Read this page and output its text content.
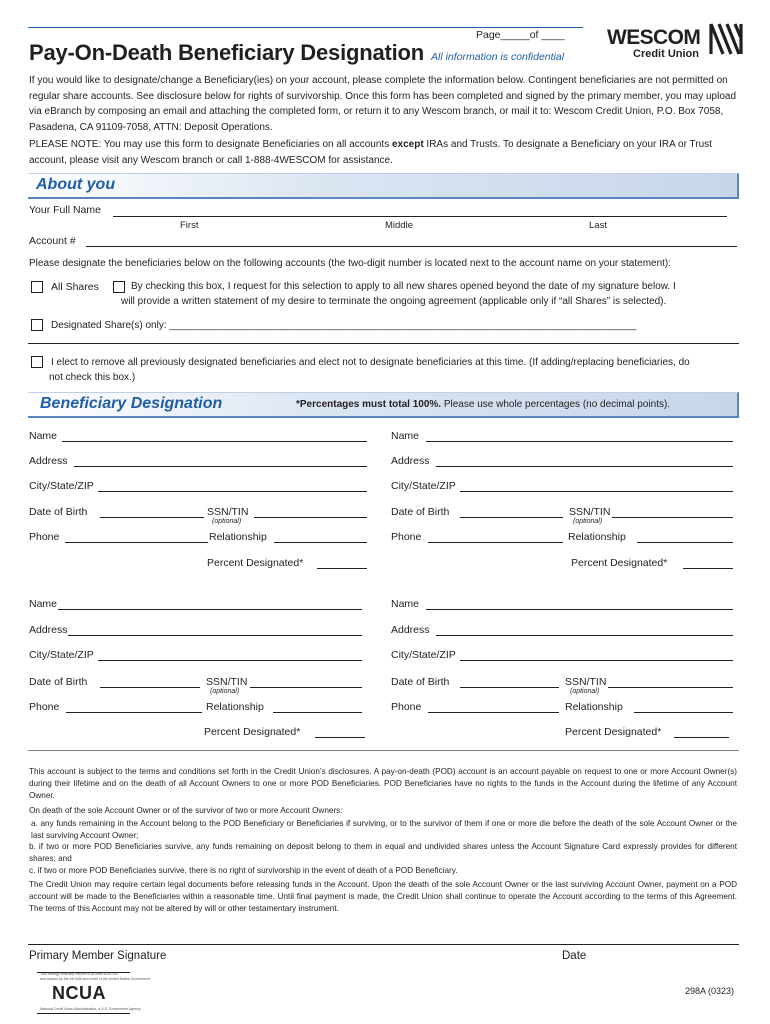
Page_____of ____
Pay-On-Death Beneficiary Designation All information is confidential
WESCOM
Credit Union
If you would like to designate/change a Beneficiary(ies) on your account, please complete the information below. Contingent beneficiaries are not permitted on regular share accounts. See disclosure below for rights of survivorship. Once this form has been completed and signed by the primary member, you may upload via eBranch by composing an email and attaching the completed form, or return it to any Wescom branch, or mail it to: Wescom Credit Union, P.O. Box 7058, Pasadena, CA 91109-7058, ATTN: Deposit Operations.
PLEASE NOTE: You may use this form to designate Beneficiaries on all accounts except IRAs and Trusts. To designate a Beneficiary on your IRA or Trust account, please visit any Wescom branch or call 1-888-4WESCOM for assistance.
About you
Your Full Name
First	Middle	Last
Account #
Please designate the beneficiaries below on the following accounts (the two-digit number is located next to the account name on your statement):
All Shares	By checking this box, I request for this selection to apply to all new shares opened beyond the date of my signature below. I
will provide a written statement of my desire to terminate the ongoing agreement (applicable only if “all Shares” is selected).
Designated Share(s) only: ____________________________________________________________________________________
I elect to remove all previously designated beneficiaries and elect not to designate beneficiaries at this time. (If adding/replacing beneficiaries, do
not check this box.)
Beneficiary Designation	*Percentages must total 100%. Please use whole percentages (no decimal points).
Name
Address
City/State/ZIP
Date of Birth	SSN/TIN
(optional)
Phone	Relationship
Percent Designated*
Name
Address
City/State/ZIP
Date of Birth	SSN/TIN
(optional)
Phone	Relationship
Percent Designated*
Name
Address
City/State/ZIP
Date of Birth	SSN/TIN
(optional)
Phone	Relationship
Percent Designated*
Name
Address
City/State/ZIP
Date of Birth	SSN/TIN
(optional)
Phone	Relationship
Percent Designated*
This account is subject to the terms and conditions set forth in the Credit Union’s disclosures. A pay-on-death (POD) account is an account payable on request to one or more Account Owner(s) during their lifetime and on the death of all Account Owners to one or more POD Beneficiaries. POD Beneficiaries have no rights to the funds in the Account during the lifetime of any Account Owner.
On death of the sole Account Owner or of the survivor of two or more Account Owners:
a. any funds remaining in the Account belong to the POD Beneficiary or Beneficiaries if surviving, or to the survivor of them if one or more die before the death of the sole Account Owner or the last surviving Account Owner;
b. if two or more POD Beneficiaries survive, any funds remaining on deposit belong to them in equal and undivided shares unless the Account Signature Card expressly provides for different shares; and
c. if two or more POD Beneficiaries survive, there is no right of survivorship in the event of death of a POD Beneficiary.
The Credit Union may require certain legal documents before releasing funds in the Account. Upon the death of the sole Account Owner or the last surviving Account Owner, payment on a POD account will be made to the Beneficiaries within a reasonable time. Until final payment is made, the Credit Union shall continue to operate the Account according to the terms of this Agreement. The terms of this Account may not be altered by will or other testamentary instrument.
Primary Member Signature	Date
Your savings federally insured to at least $250,000
and backed by the full faith and credit of the United States Government
NCUA
National Credit Union Administration, a U.S. Government Agency
298A (0323)
